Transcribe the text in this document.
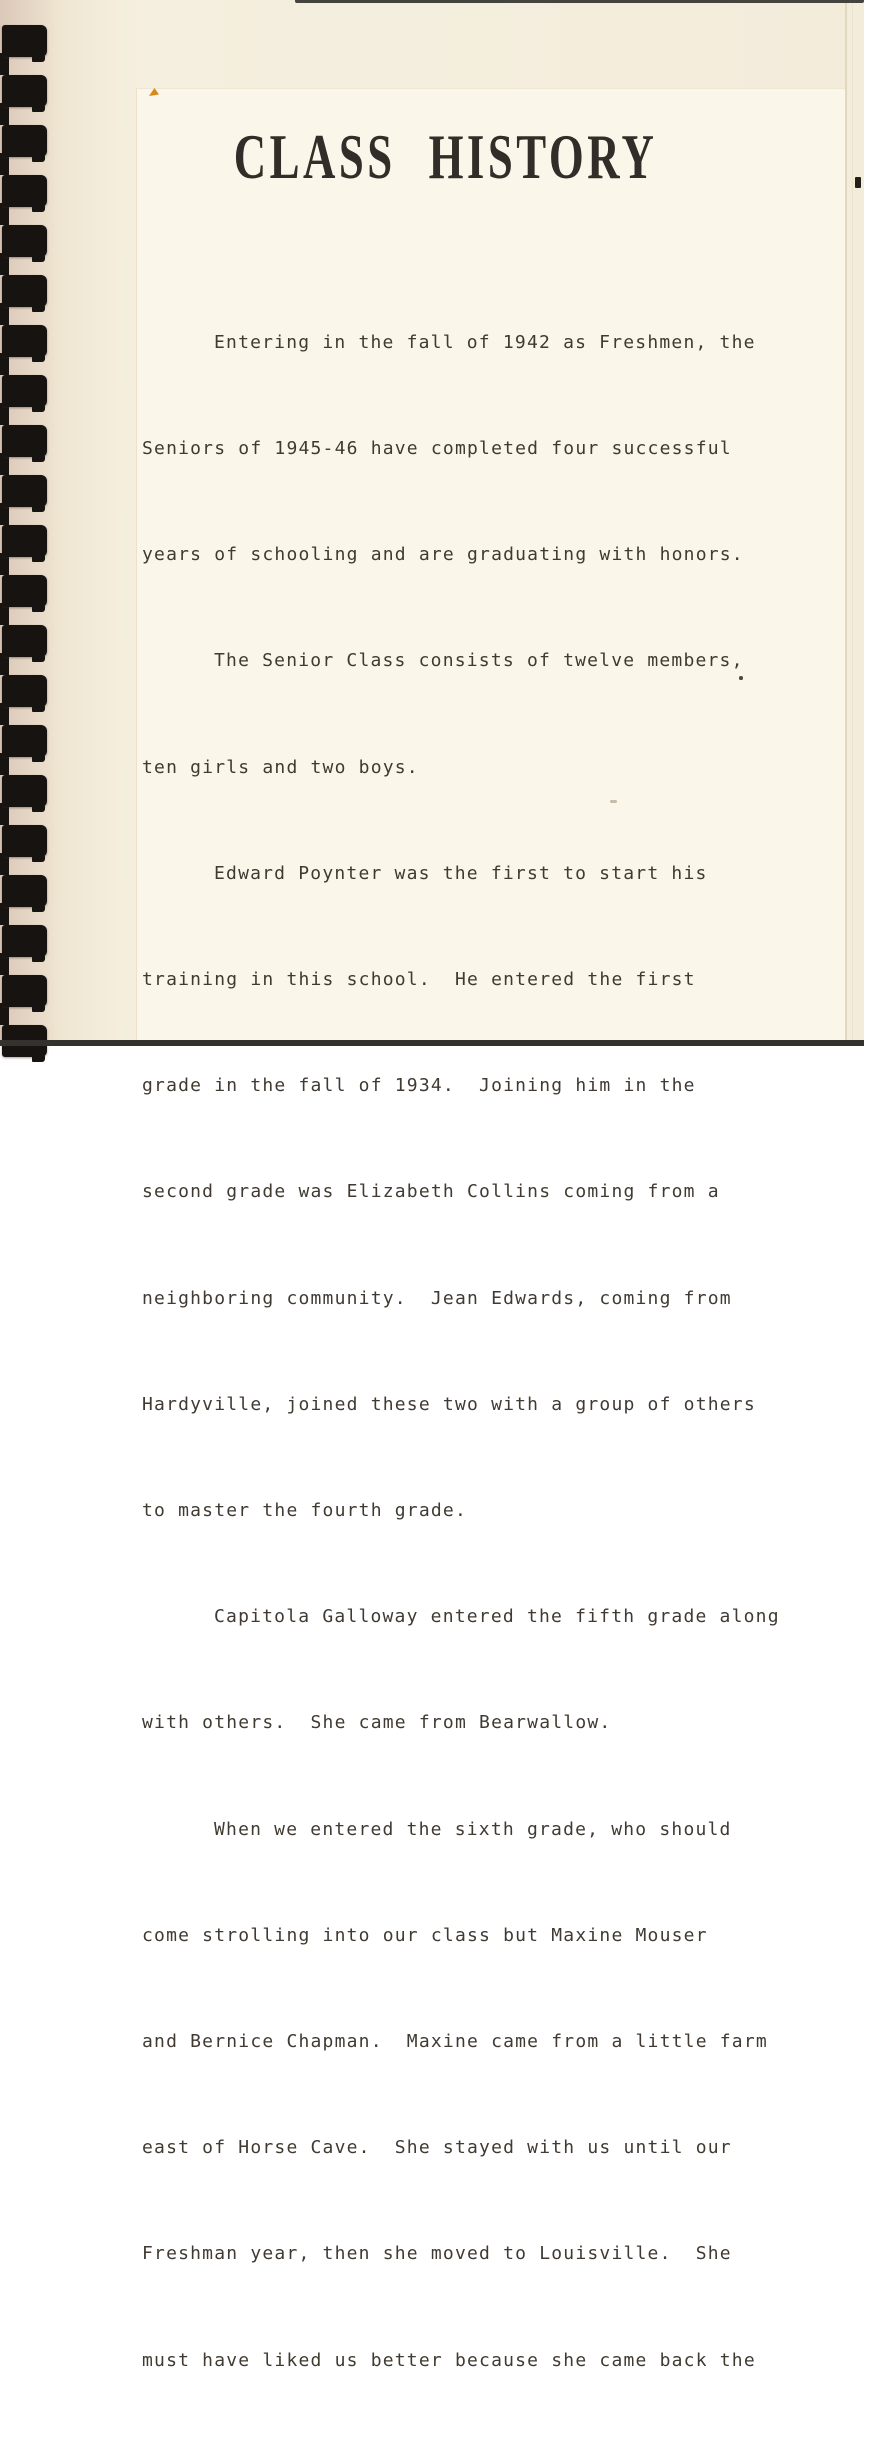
CLASS HISTORY

Entering in the fall of 1942 as Freshmen, the

Seniors of 1945-46 have completed four successful

years of schooling and are graduating with honors.

The Senior Class consists of twelve members,

ten girls and two boys.

Edward Poynter was the first to start his

training in this school.  He entered the first

grade in the fall of 1934.  Joining him in the

second grade was Elizabeth Collins coming from a

neighboring community.  Jean Edwards, coming from

Hardyville, joined these two with a group of others

to master the fourth grade.

Capitola Galloway entered the fifth grade along

with others.  She came from Bearwallow.

When we entered the sixth grade, who should

come strolling into our class but Maxine Mouser

and Bernice Chapman.  Maxine came from a little farm

east of Horse Cave.  She stayed with us until our

Freshman year, then she moved to Louisville.  She

must have liked us better because she came back the
